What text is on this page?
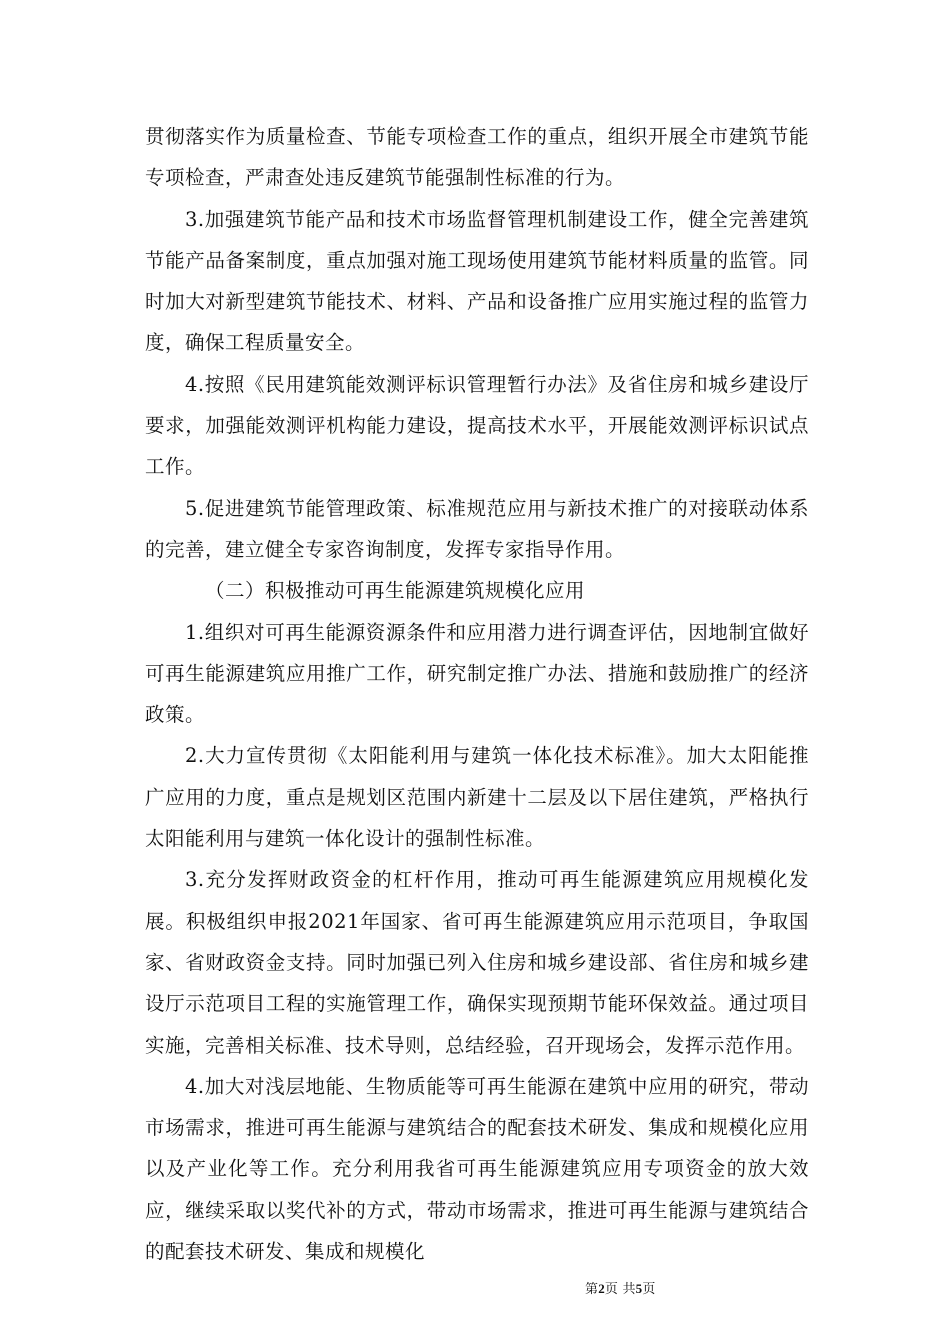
贯彻落实作为质量检查、节能专项检查工作的重点，组织开展全市建筑节能专项检查，严肃查处违反建筑节能强制性标准的行为。

3.加强建筑节能产品和技术市场监督管理机制建设工作，健全完善建筑节能产品备案制度，重点加强对施工现场使用建筑节能材料质量的监管。同时加大对新型建筑节能技术、材料、产品和设备推广应用实施过程的监管力度，确保工程质量安全。

4.按照《民用建筑能效测评标识管理暂行办法》及省住房和城乡建设厅要求，加强能效测评机构能力建设，提高技术水平，开展能效测评标识试点工作。

5.促进建筑节能管理政策、标准规范应用与新技术推广的对接联动体系的完善，建立健全专家咨询制度，发挥专家指导作用。

（二）积极推动可再生能源建筑规模化应用

1.组织对可再生能源资源条件和应用潜力进行调查评估，因地制宜做好可再生能源建筑应用推广工作，研究制定推广办法、措施和鼓励推广的经济政策。

2.大力宣传贯彻《太阳能利用与建筑一体化技术标准》。加大太阳能推广应用的力度，重点是规划区范围内新建十二层及以下居住建筑，严格执行太阳能利用与建筑一体化设计的强制性标准。

3.充分发挥财政资金的杠杆作用，推动可再生能源建筑应用规模化发展。积极组织申报2021年国家、省可再生能源建筑应用示范项目，争取国家、省财政资金支持。同时加强已列入住房和城乡建设部、省住房和城乡建设厅示范项目工程的实施管理工作，确保实现预期节能环保效益。通过项目实施，完善相关标准、技术导则，总结经验，召开现场会，发挥示范作用。

4.加大对浅层地能、生物质能等可再生能源在建筑中应用的研究，带动市场需求，推进可再生能源与建筑结合的配套技术研发、集成和规模化应用以及产业化等工作。充分利用我省可再生能源建筑应用专项资金的放大效应，继续采取以奖代补的方式，带动市场需求，推进可再生能源与建筑结合的配套技术研发、集成和规模化

第2页 共5页
